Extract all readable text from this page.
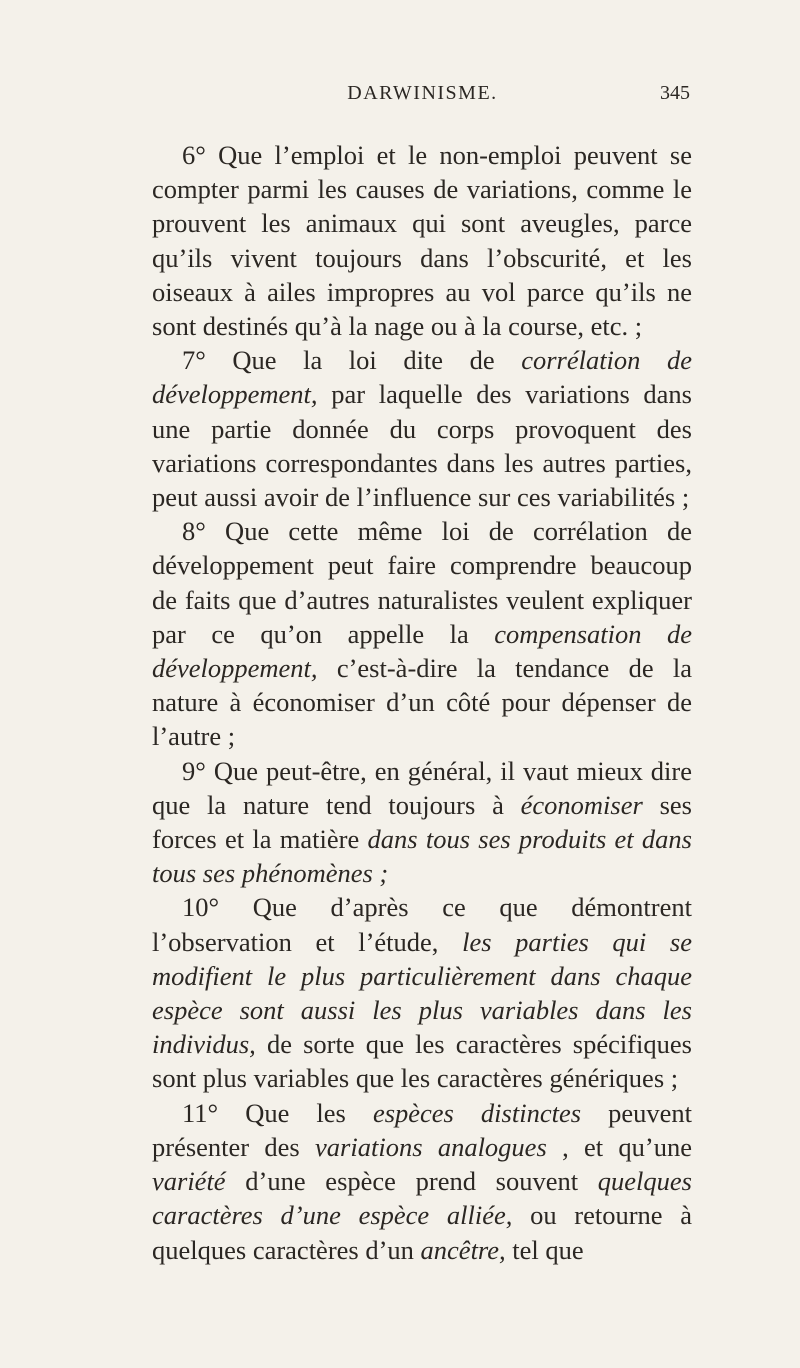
DARWINISME.	345

6° Que l’emploi et le non-emploi peuvent se compter parmi les causes de variations, comme le prouvent les animaux qui sont aveugles, parce qu’ils vivent toujours dans l’obscurité, et les oiseaux à ailes impropres au vol parce qu’ils ne sont destinés qu’à la nage ou à la course, etc. ;

7° Que la loi dite de corrélation de développement, par laquelle des variations dans une partie donnée du corps provoquent des variations correspondantes dans les autres parties, peut aussi avoir de l’influence sur ces variabilités ;

8° Que cette même loi de corrélation de développement peut faire comprendre beaucoup de faits que d’autres naturalistes veulent expliquer par ce qu’on appelle la compensation de développement, c’est-à-dire la tendance de la nature à économiser d’un côté pour dépenser de l’autre ;

9° Que peut-être, en général, il vaut mieux dire que la nature tend toujours à économiser ses forces et la matière dans tous ses produits et dans tous ses phénomènes ;

10° Que d’après ce que démontrent l’observation et l’étude, les parties qui se modifient le plus particulièrement dans chaque espèce sont aussi les plus variables dans les individus, de sorte que les caractères spécifiques sont plus variables que les caractères génériques ;

11° Que les espèces distinctes peuvent présenter des variations analogues , et qu’une variété d’une espèce prend souvent quelques caractères d’une espèce alliée, ou retourne à quelques caractères d’un ancêtre, tel que
